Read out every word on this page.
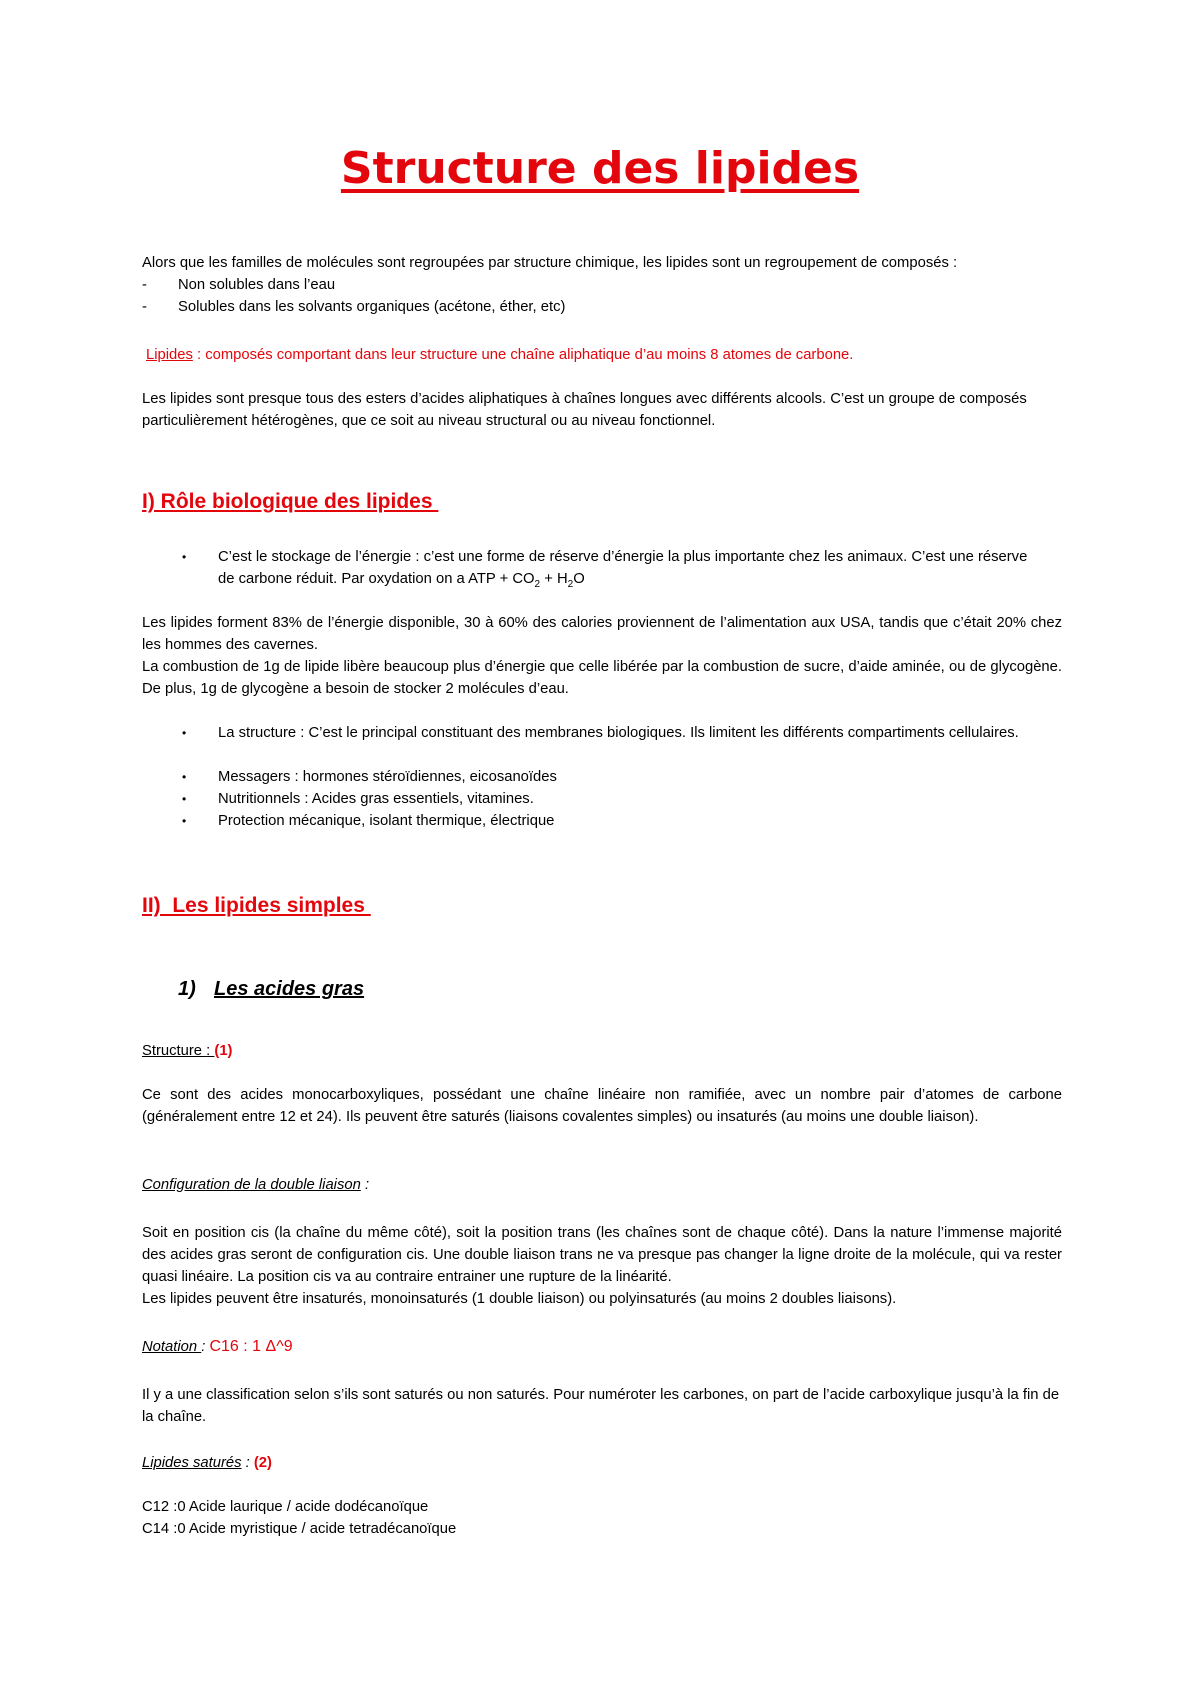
Structure des lipides

Alors que les familles de molécules sont regroupées par structure chimique, les lipides sont un regroupement de composés :

- Non solubles dans l’eau
- Solubles dans les solvants organiques (acétone, éther, etc)

Lipides : composés comportant dans leur structure une chaîne aliphatique d’au moins 8 atomes de carbone.

Les lipides sont presque tous des esters d’acides aliphatiques à chaînes longues avec différents alcools. C’est un groupe de composés particulièrement hétérogènes, que ce soit au niveau structural ou au niveau fonctionnel.

I) Rôle biologique des lipides
• C’est le stockage de l’énergie : c’est une forme de réserve d’énergie la plus importante chez les animaux. C’est une réserve de carbone réduit. Par oxydation on a ATP + $CO_2 + H_2O$

Les lipides forment 83% de l’énergie disponible, 30 à 60% des calories proviennent de l’alimentation aux USA, tandis que c’était 20% chez les hommes des cavernes.

La combustion de 1g de lipide libère beaucoup plus d’énergie que celle libérée par la combustion de sucre, d’aide aminée, ou de glycogène. De plus, 1g de glycogène a besoin de stocker 2 molécules d’eau.

• La structure : C’est le principal constituant des membranes biologiques. Ils limitent les différents compartiments cellulaires.
• Messagers : hormones stéroïdiennes, eicosanoïdes
• Nutritionnels : Acides gras essentiels, vitamines.
• Protection mécanique, isolant thermique, électrique
II)  Les lipides simples
1) Les acides gras

Structure : (1)

Ce sont des acides monocarboxyliques, possédant une chaîne linéaire non ramifiée, avec un nombre pair d’atomes de carbone (généralement entre 12 et 24). Ils peuvent être saturés (liaisons covalentes simples) ou insaturés (au moins une double liaison).

Configuration de la double liaison :

Soit en position cis (la chaîne du même côté), soit la position trans (les chaînes sont de chaque côté). Dans la nature l’immense majorité des acides gras seront de configuration cis. Une double liaison trans ne va presque pas changer la ligne droite de la molécule, qui va rester quasi linéaire. La position cis va au contraire entrainer une rupture de la linéarité.

Les lipides peuvent être insaturés, monoinsaturés (1 double liaison) ou polyinsaturés (au moins 2 doubles liaisons).

Notation : C16 : 1 Δ^9

Il y a une classification selon s’ils sont saturés ou non saturés. Pour numéroter les carbones, on part de l’acide carboxylique jusqu’à la fin de la chaîne.

Lipides saturés : (2)

C12 :0 Acide laurique / acide dodécanoïque

C14 :0 Acide myristique / acide tetradécanoïque
